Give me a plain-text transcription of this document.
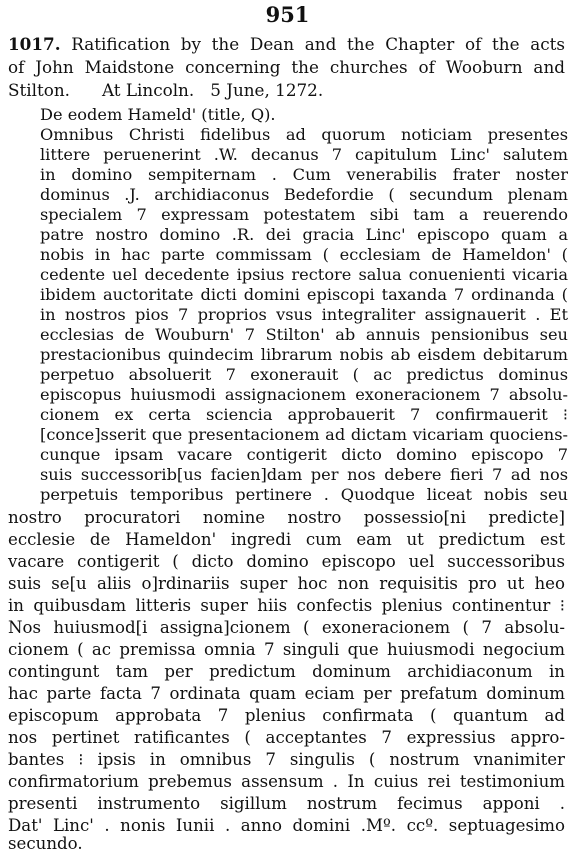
951
1017. Ratification by the Dean and the Chapter of the acts
of John Maidstone concerning the churches of Wooburn and
Stilton.      At Lincoln.   5 June, 1272.
De eodem Hameld' (title, Q).
Omnibus Christi fidelibus ad quorum noticiam presentes
littere peruenerint .W. decanus 7 capitulum Linc' salutem
in domino sempiternam . Cum venerabilis frater noster
dominus .J. archidiaconus Bedefordie ( secundum plenam
specialem 7 expressam potestatem sibi tam a reuerendo
patre nostro domino .R. dei gracia Linc' episcopo quam a
nobis in hac parte commissam ( ecclesiam de Hameldon' (
cedente uel decedente ipsius rectore salua conuenienti vicaria
ibidem auctoritate dicti domini episcopi taxanda 7 ordinanda (
in nostros pios 7 proprios vsus integraliter assignauerit . Et
ecclesias de Wouburn' 7 Stilton' ab annuis pensionibus seu
prestacionibus quindecim librarum nobis ab eisdem debitarum
perpetuo absoluerit 7 exonerauit ( ac predictus dominus
episcopus huiusmodi assignacionem exoneracionem 7 absolu-
cionem ex certa sciencia approbauerit 7 confirmauerit ⁝
[conce]sserit que presentacionem ad dictam vicariam quociens-
cunque ipsam vacare contigerit dicto domino episcopo 7
suis successorib[us facien]dam per nos debere fieri 7 ad nos
perpetuis temporibus pertinere . Quodque liceat nobis seu
nostro procuratori nomine nostro possessio[ni predicte]
ecclesie de Hameldon' ingredi cum eam ut predictum est
vacare contigerit ( dicto domino episcopo uel successoribus
suis se[u aliis o]rdinariis super hoc non requisitis pro ut heo
in quibusdam litteris super hiis confectis plenius continentur ⁝
Nos huiusmod[i assigna]cionem ( exoneracionem ( 7 absolu-
cionem ( ac premissa omnia 7 singuli que huiusmodi negocium
contingunt tam per predictum dominum archidiaconum in
hac parte facta 7 ordinata quam eciam per prefatum dominum
episcopum approbata 7 plenius confirmata ( quantum ad
nos pertinet ratificantes ( acceptantes 7 expressius appro-
bantes ⁝ ipsis in omnibus 7 singulis ( nostrum vnanimiter
confirmatorium prebemus assensum . In cuius rei testimonium
presenti instrumento sigillum nostrum fecimus apponi .
Dat' Linc' . nonis Iunii . anno domini .Mº. ccº. septuagesimo
secundo.
